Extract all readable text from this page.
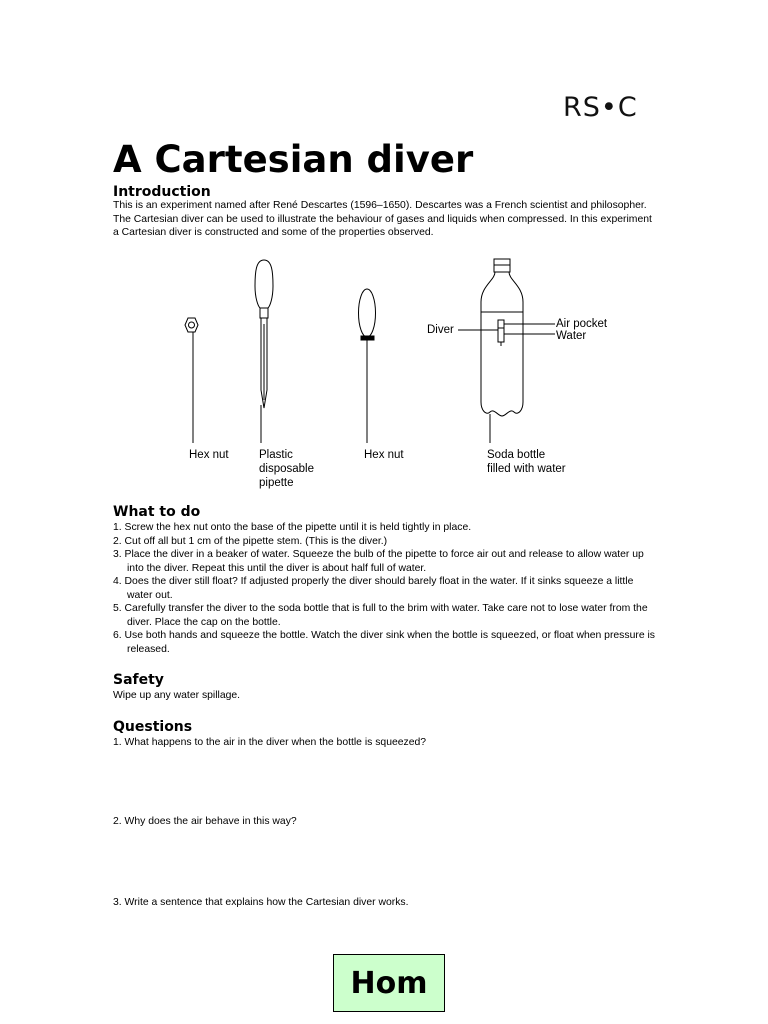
RS•C
A Cartesian diver
Introduction

This is an experiment named after René Descartes (1596–1650). Descartes was a French scientist and philosopher. The Cartesian diver can be used to illustrate the behaviour of gases and liquids when compressed. In this experiment a Cartesian diver is constructed and some of the properties observed.

Hex nut	Plastic
disposable
pipette
Hex nut	Soda bottle
filled with water
Diver	Air pocket
Water
What to do
1. Screw the hex nut onto the base of the pipette until it is held tightly in place.
2. Cut off all but 1 cm of the pipette stem. (This is the diver.)
3. Place the diver in a beaker of water. Squeeze the bulb of the pipette to force air out and release to allow water up into the diver. Repeat this until the diver is about half full of water.
4. Does the diver still float? If adjusted properly the diver should barely float in the water. If it sinks squeeze a little water out.
5. Carefully transfer the diver to the soda bottle that is full to the brim with water. Take care not to lose water from the diver. Place the cap on the bottle.
6. Use both hands and squeeze the bottle. Watch the diver sink when the bottle is squeezed, or float when pressure is released.
Safety

Wipe up any water spillage.

Questions

1. What happens to the air in the diver when the bottle is squeezed?

2. Why does the air behave in this way?

3. Write a sentence that explains how the Cartesian diver works.

Hom
